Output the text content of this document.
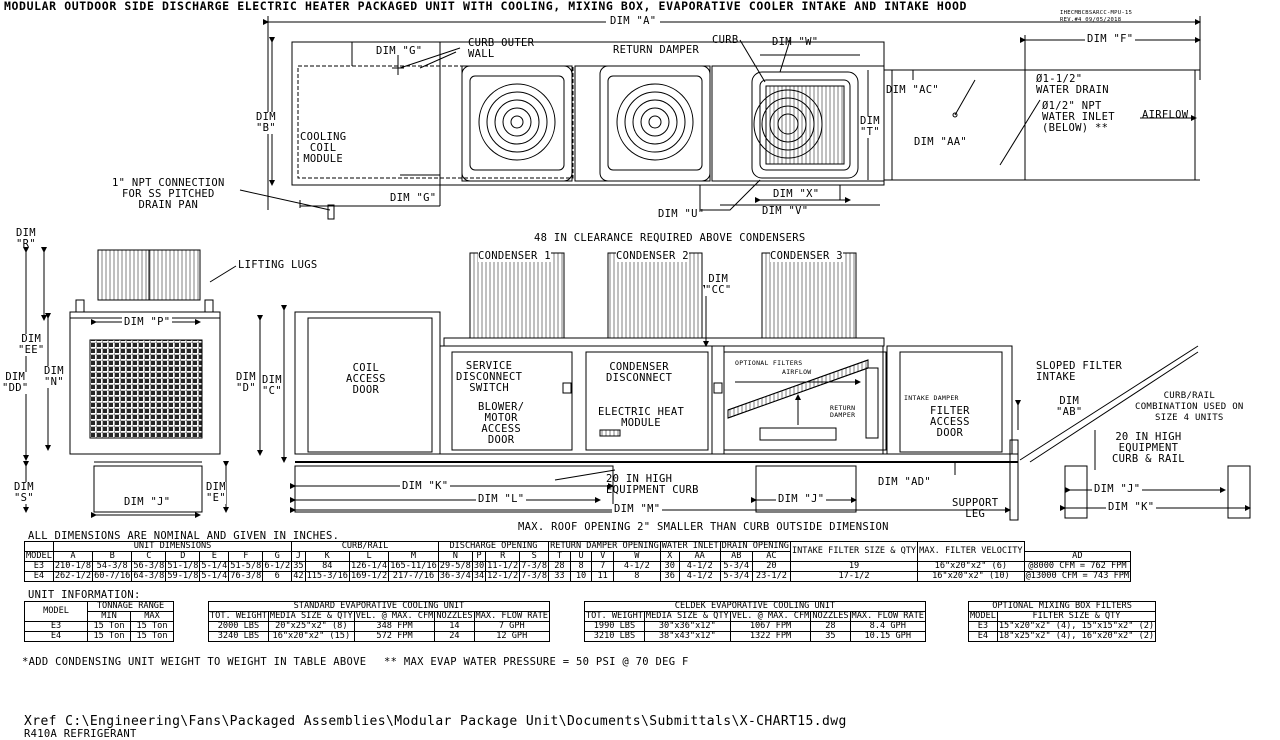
MODULAR OUTDOOR SIDE DISCHARGE ELECTRIC HEATER PACKAGED UNIT WITH COOLING, MIXING BOX, EVAPORATIVE COOLER INTAKE AND INTAKE HOOD	IHECMBCBSARCC-MPU-15
REV.#4 09/05/2018
DIM "A"
DIM "F"
DIM "G"
DIM "G"
DIM
"B"
CURB OUTER
WALL	RETURN DAMPER
CURB	DIM "W"
DIM "AC"
DIM "AA"
DIM
"T"
DIM "X"
DIM "V"
DIM "U"
COOLING
COIL
MODULE
1" NPT CONNECTION
FOR SS PITCHED
DRAIN PAN
Ø1-1/2"
WATER DRAIN
Ø1/2" NPT
WATER INLET
(BELOW) **
AIRFLOW
48 IN CLEARANCE REQUIRED ABOVE CONDENSERS
CONDENSER 1	CONDENSER 2	CONDENSER 3
DIM
"CC"
LIFTING LUGS
DIM
"R"
DIM
"EE"
DIM
"DD"
DIM
"N"
DIM "P"
DIM
"D"
DIM
"C"
DIM
"S"	DIM "J"
DIM
"E"
COIL
ACCESS
DOOR
SERVICE
DISCONNECT
SWITCH
BLOWER/
MOTOR
ACCESS
DOOR
CONDENSER
DISCONNECT
ELECTRIC HEAT
MODULE
OPTIONAL FILTERS
AIRFLOW
RETURN
DAMPER
INTAKE DAMPER
FILTER
ACCESS
DOOR
SLOPED FILTER
INTAKE
DIM
"AB"
CURB/RAIL
COMBINATION USED ON
SIZE 4 UNITS
20 IN HIGH
EQUIPMENT
CURB & RAIL
20 IN HIGH
EQUIPMENT CURB
DIM "K"
DIM "L"
DIM "M"
DIM "J"
DIM "AD"
SUPPORT
LEG
DIM "J"
DIM "K"
MAX. ROOF OPENING 2" SMALLER THAN CURB OUTSIDE DIMENSION
ALL DIMENSIONS ARE NOMINAL AND GIVEN IN INCHES.
	UNIT DIMENSIONS							CURB/RAIL				DISCHARGE OPENING				RETURN DAMPER OPENING				WATER INLET		DRAIN OPENING		INTAKE FILTER SIZE & QTY	MAX. FILTER VELOCITY	
MODEL	A	B	C	D	E	F	G	J	K	L	M	N	P	R	S	T	U	V	W	X	AA	AB	AC			AD
E3	210-1/8	54-3/8	56-3/8	51-1/8	5-1/4	51-5/8	6-1/2	35	84	126-1/4	165-11/16	29-5/8	30	11-1/2	7-3/8	28	8	7	4-1/2	30	4-1/2	5-3/4	20	19	16"x20"x2" (6)	@8000 CFM = 762 FPM
E4	262-1/2	60-7/16	64-3/8	59-1/8	5-1/4	76-3/8	6	42	115-3/16	169-1/2	217-7/16	36-3/4	34	12-1/2	7-3/8	33	10	11	8	36	4-1/2	5-3/4	23-1/2	17-1/2	16"x20"x2" (10)	@13000 CFM = 743 FPM
UNIT INFORMATION:
MODEL	TONNAGE RANGE	
	MIN	MAX
E3	15 Ton	15 Ton
E4	15 Ton	15 Ton
STANDARD EVAPORATIVE COOLING UNIT				
TOT. WEIGHT	MEDIA SIZE & QTY	VEL. @ MAX. CFM	NOZZLES	MAX. FLOW RATE
2000 LBS	20"x25"x2" (8)	348 FPM	14	7 GPH
3240 LBS	16"x20"x2" (15)	572 FPM	24	12 GPH
CELDEK EVAPORATIVE COOLING UNIT				
TOT. WEIGHT	MEDIA SIZE & QTY	VEL. @ MAX. CFM	NOZZLES	MAX. FLOW RATE
1990 LBS	30"x36"x12"	1067 FPM	28	8.4 GPH
3210 LBS	38"x43"x12"	1322 FPM	35	10.15 GPH
OPTIONAL MIXING BOX FILTERS	
MODEL	FILTER SIZE & QTY
E3	15"x20"x2" (4), 15"x15"x2" (2)
E4	18"x25"x2" (4), 16"x20"x2" (2)
*ADD CONDENSING UNIT WEIGHT TO WEIGHT IN TABLE ABOVE ** MAX EVAP WATER PRESSURE = 50 PSI @ 70 DEG F
Xref C:\Engineering\Fans\Packaged Assemblies\Modular Package Unit\Documents\Submittals\X-CHART15.dwg
R410A REFRIGERANT
